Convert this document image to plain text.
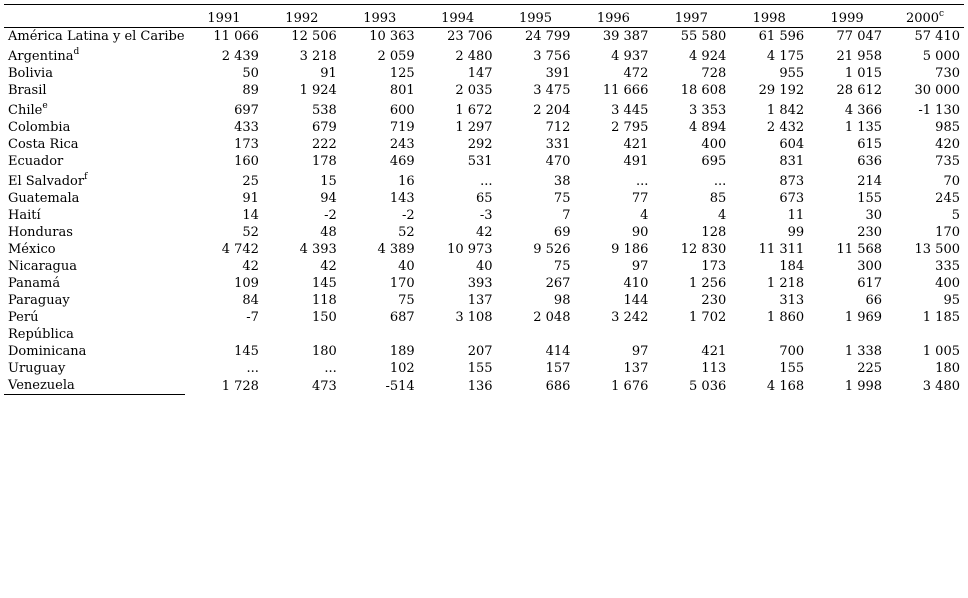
	1991	1992	1993	1994	1995	1996	1997	1998	1999	2000$^c$
América Latina y el Caribe	11 066	12 506	10 363	23 706	24 799	39 387	55 580	61 596	77 047	57 410
Argentina$^d$	2 439	3 218	2 059	2 480	3 756	4 937	4 924	4 175	21 958	5 000
Bolivia	50	91	125	147	391	472	728	955	1 015	730
Brasil	89	1 924	801	2 035	3 475	11 666	18 608	29 192	28 612	30 000
Chile$^e$	697	538	600	1 672	2 204	3 445	3 353	1 842	4 366	-1 130
Colombia	433	679	719	1 297	712	2 795	4 894	2 432	1 135	985
Costa Rica	173	222	243	292	331	421	400	604	615	420
Ecuador	160	178	469	531	470	491	695	831	636	735
El Salvador$^f$	25	15	16	...	38	...	...	873	214	70
Guatemala	91	94	143	65	75	77	85	673	155	245
Haití	14	-2	-2	-3	7	4	4	11	30	5
Honduras	52	48	52	42	69	90	128	99	230	170
México	4 742	4 393	4 389	10 973	9 526	9 186	12 830	11 311	11 568	13 500
Nicaragua	42	42	40	40	75	97	173	184	300	335
Panamá	109	145	170	393	267	410	1 256	1 218	617	400
Paraguay	84	118	75	137	98	144	230	313	66	95
Perú	-7	150	687	3 108	2 048	3 242	1 702	1 860	1 969	1 185
República										
Dominicana	145	180	189	207	414	97	421	700	1 338	1 005
Uruguay	...	...	102	155	157	137	113	155	225	180
Venezuela	1 728	473	-514	136	686	1 676	5 036	4 168	1 998	3 480
